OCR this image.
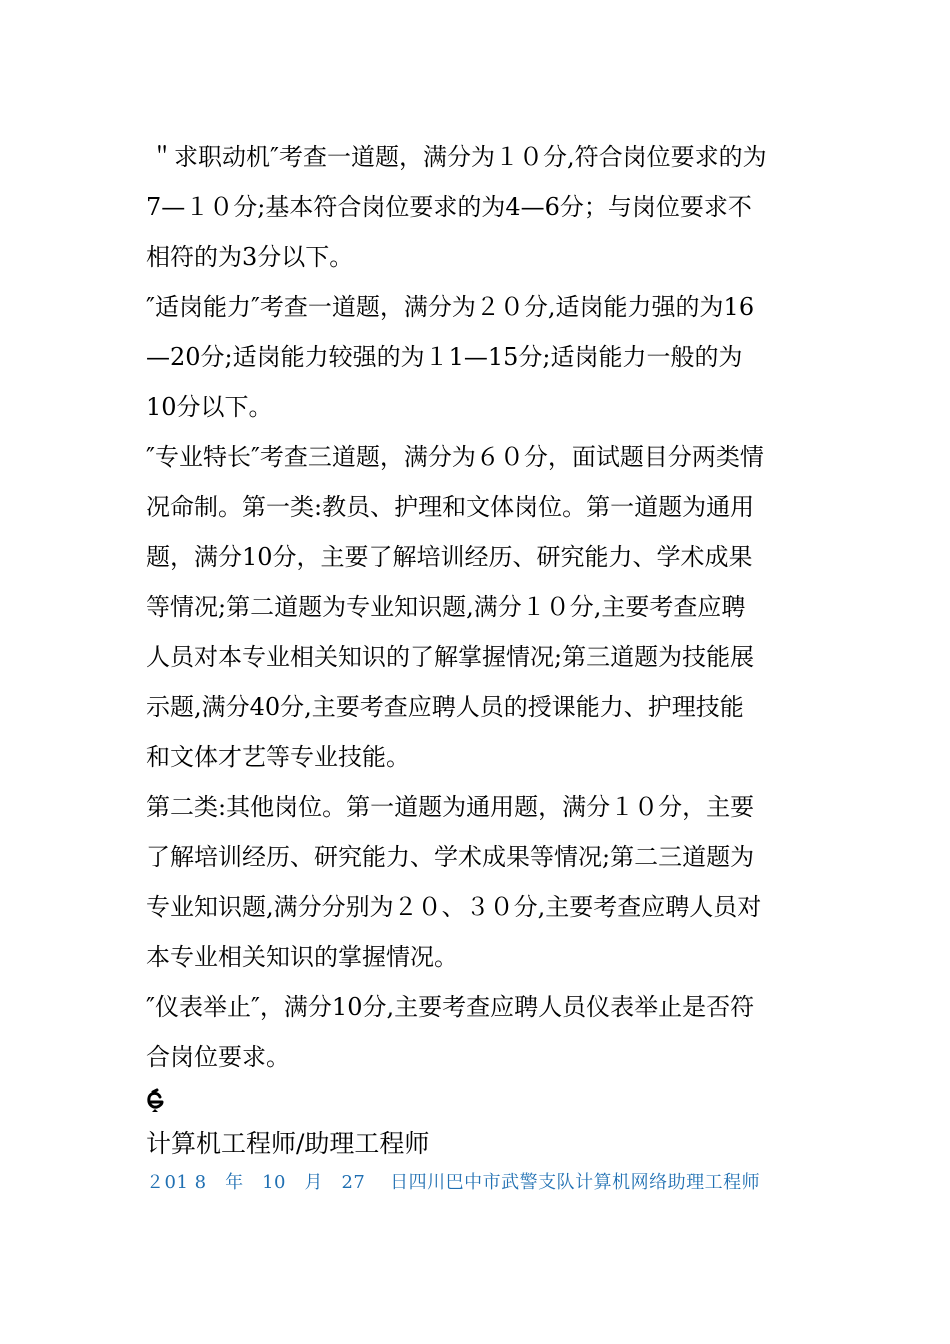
＂求职动机″考查一道题，满分为１０分,符合岗位要求的为
7—１０分;基本符合岗位要求的为4—6分；与岗位要求不
相符的为3分以下。

″适岗能力″考查一道题，满分为２０分,适岗能力强的为16
—20分;适岗能力较强的为１1—15分;适岗能力一般的为
10分以下。

″专业特长″考查三道题，满分为６０分，面试题目分两类情
况命制。第一类:教员、护理和文体岗位。第一道题为通用
题，满分10分，主要了解培训经历、研究能力、学术成果
等情况;第二道题为专业知识题,满分１０分,主要考查应聘
人员对本专业相关知识的了解掌握情况;第三道题为技能展
示题,满分40分,主要考查应聘人员的授课能力、护理技能
和文体才艺等专业技能。

第二类:其他岗位。第一道题为通用题，满分１０分，主要
了解培训经历、研究能力、学术成果等情况;第二三道题为
专业知识题,满分分别为２０、３０分,主要考查应聘人员对
本专业相关知识的掌握情况。

″仪表举止″，满分10分,主要考查应聘人员仪表举止是否符
合岗位要求。

计算机工程师/助理工程师
２01 8　年　10　月　27　 日四川巴中市武警支队计算机网络助理工程师
